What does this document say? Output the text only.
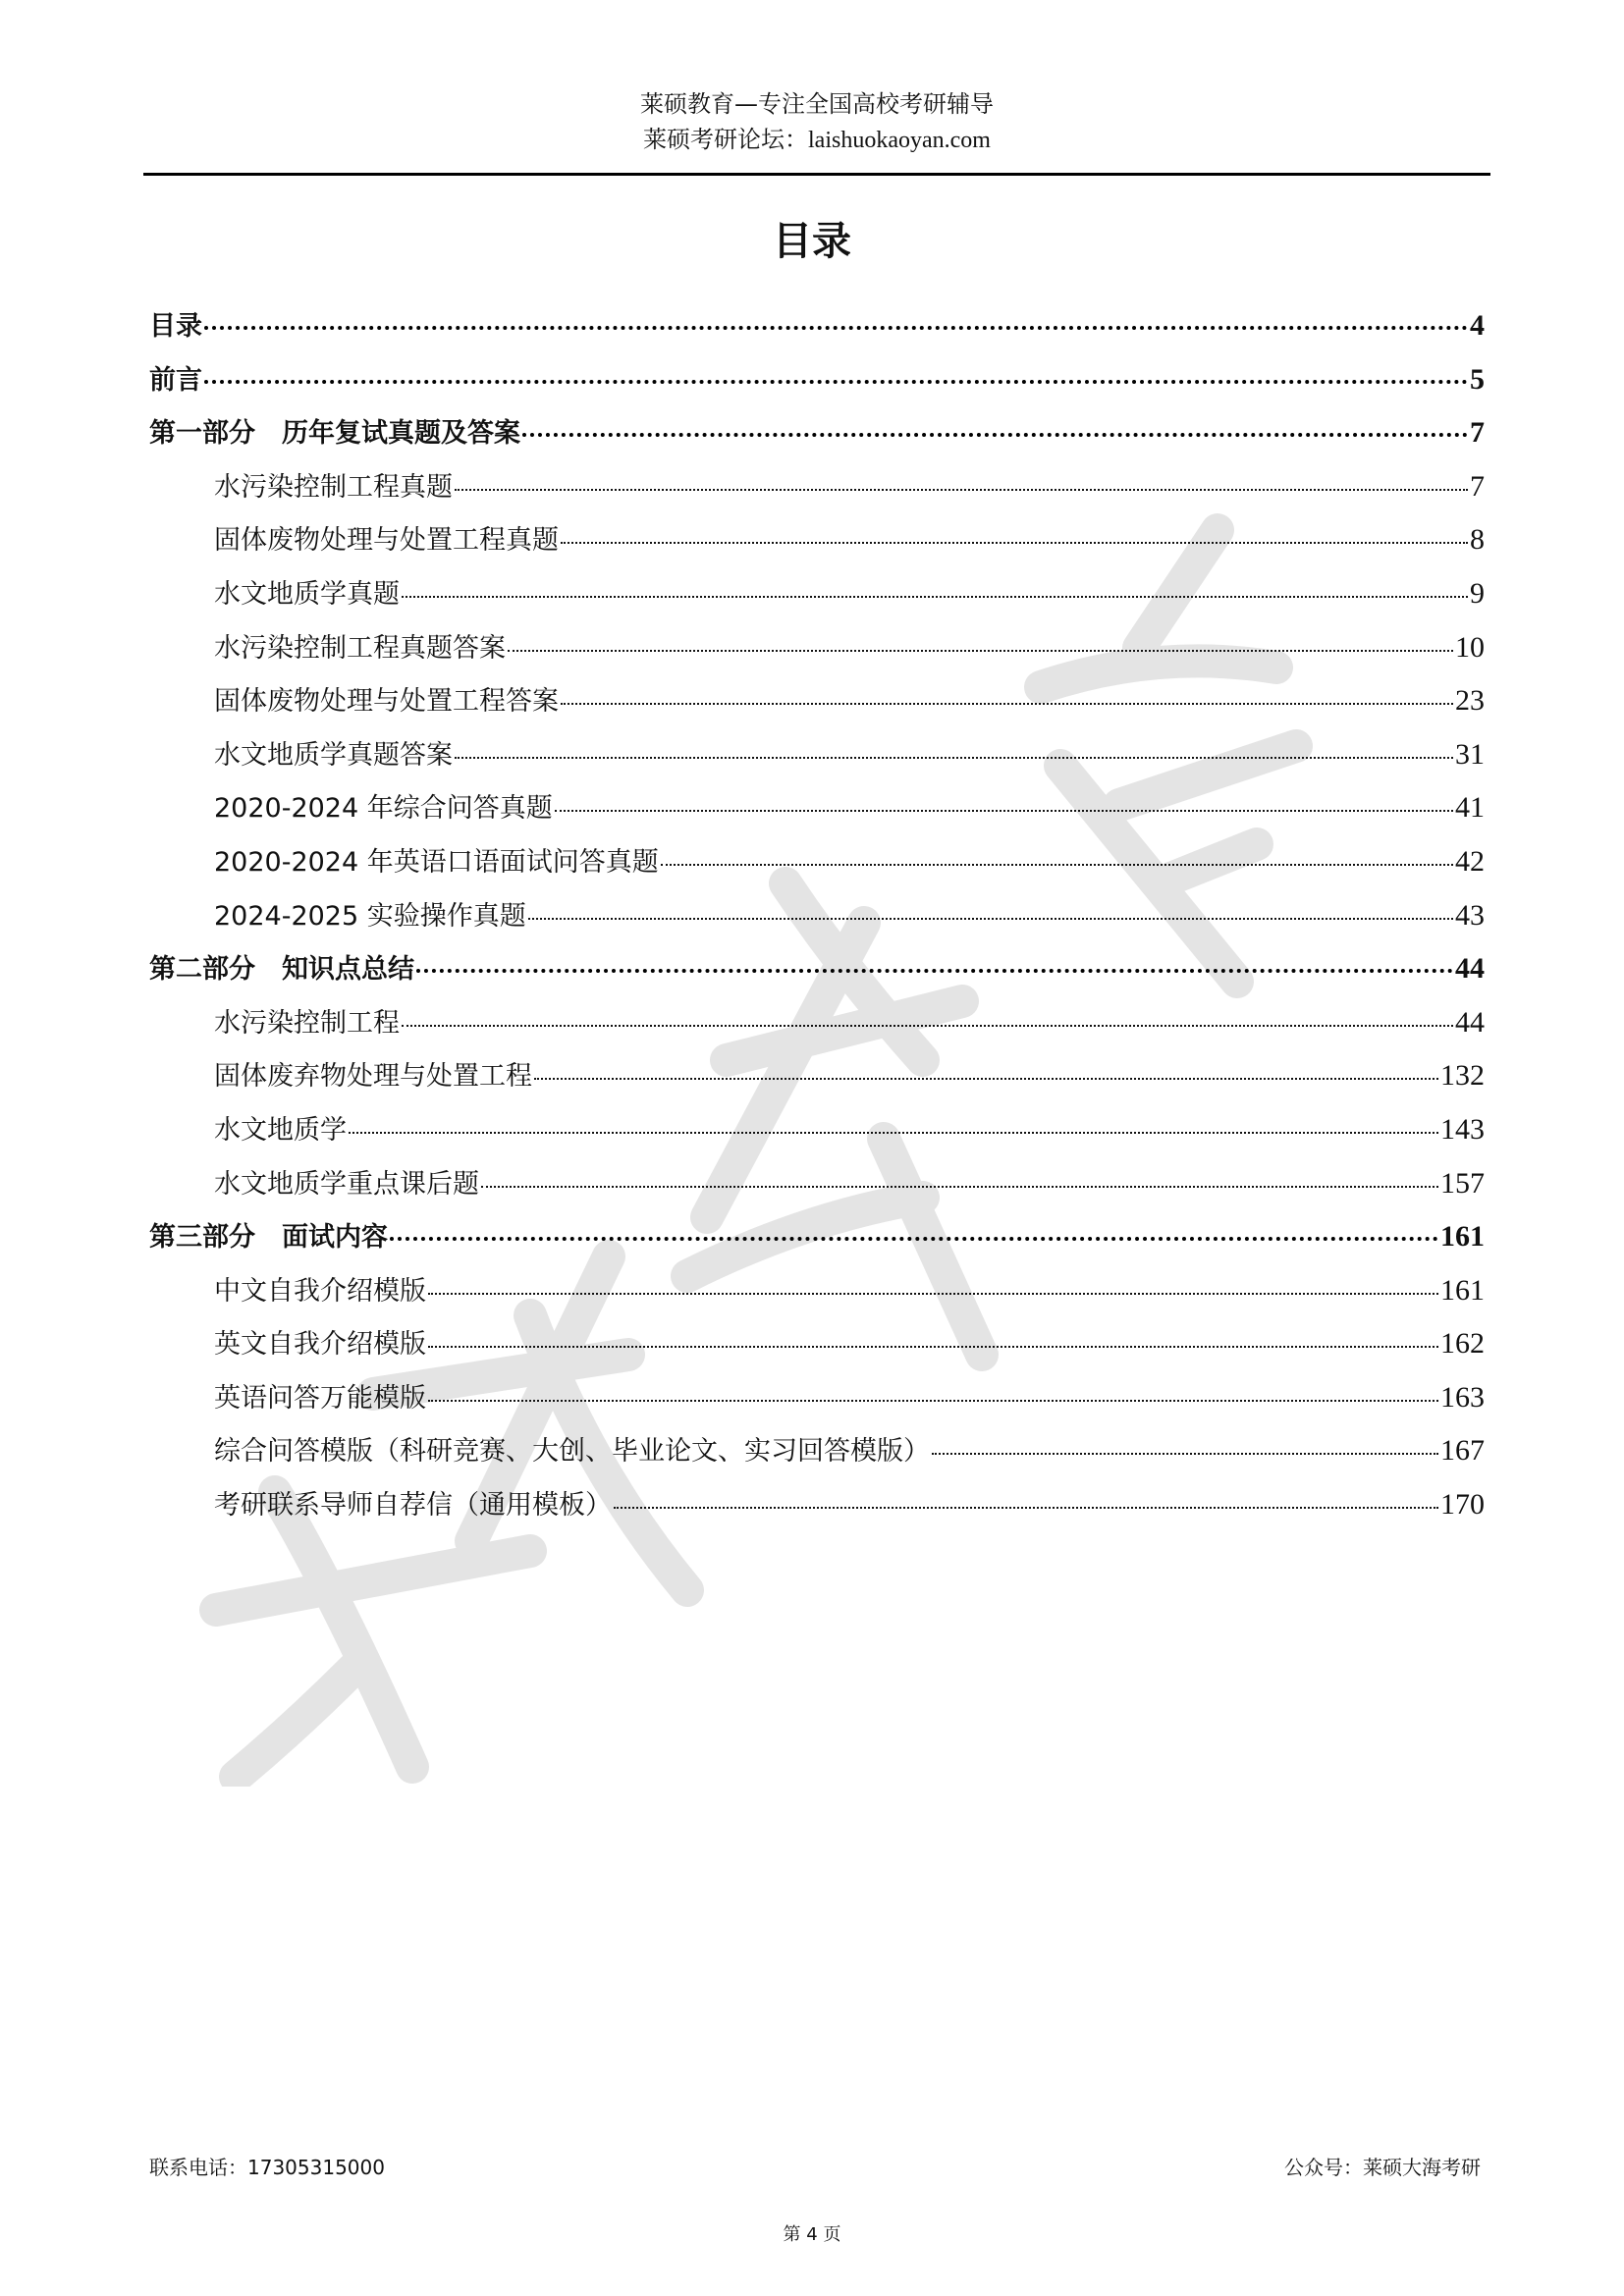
莱硕教育—专注全国高校考研辅导
莱硕考研论坛：laishuokaoyan.com
目录
目录	4
前言	5
第一部分　历年复试真题及答案	7
水污染控制工程真题	7
固体废物处理与处置工程真题	8
水文地质学真题	9
水污染控制工程真题答案	10
固体废物处理与处置工程答案	23
水文地质学真题答案	31
2020-2024 年综合问答真题	41
2020-2024 年英语口语面试问答真题	42
2024-2025 实验操作真题	43
第二部分　知识点总结	44
水污染控制工程	44
固体废弃物处理与处置工程	132
水文地质学	143
水文地质学重点课后题	157
第三部分　面试内容	161
中文自我介绍模版	161
英文自我介绍模版	162
英语问答万能模版	163
综合问答模版（科研竞赛、大创、毕业论文、实习回答模版）	167
考研联系导师自荐信（通用模板）	170
联系电话：17305315000	公众号：莱硕大海考研
第 4 页
